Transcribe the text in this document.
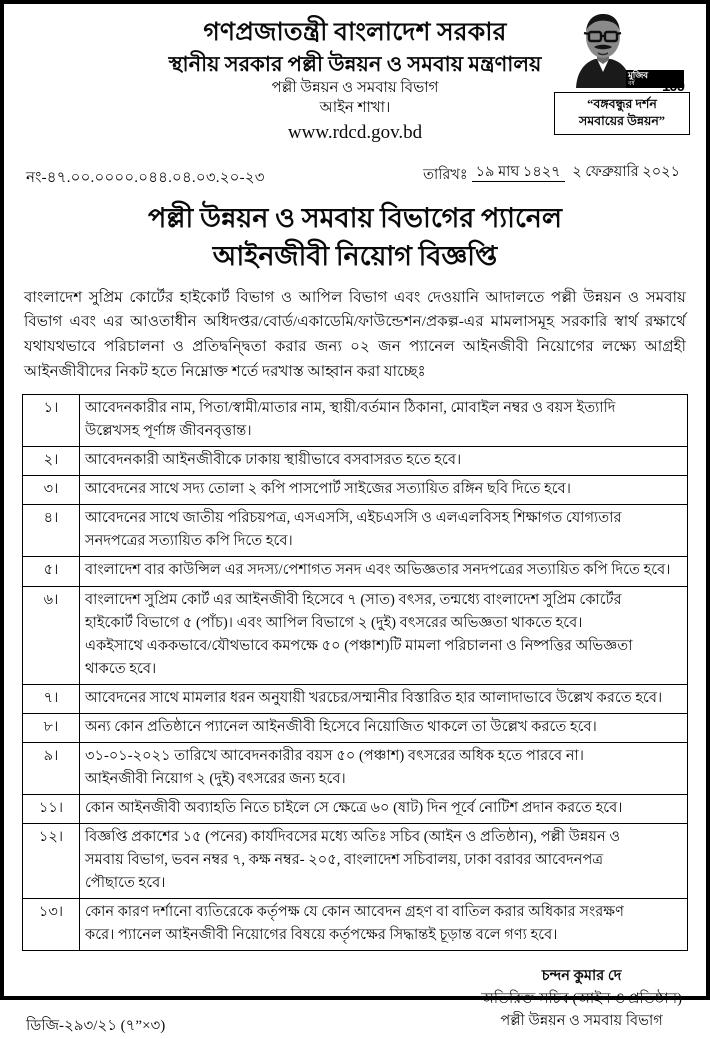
মুজিব
বর্ষ
MUJIB
100
“বঙ্গবন্ধুর দর্শন
সমবায়ের উন্নয়ন”
গণপ্রজাতন্ত্রী বাংলাদেশ সরকার
স্থানীয় সরকার পল্লী উন্নয়ন ও সমবায় মন্ত্রণালয়
পল্লী উন্নয়ন ও সমবায় বিভাগ
আইন শাখা।
www.rdcd.gov.bd
নং-৪৭.০০.০০০০.০৪৪.০৪.০৩.২০-২৩	তারিখঃ ১৯ মাঘ ১৪২৭ ২ ফেব্রুয়ারি ২০২১
পল্লী উন্নয়ন ও সমবায় বিভাগের প্যানেল
আইনজীবী নিয়োগ বিজ্ঞপ্তি
বাংলাদেশ সুপ্রিম কোর্টের হাইকোর্ট বিভাগ ও আপিল বিভাগ এবং দেওয়ানি আদালতে পল্লী উন্নয়ন ও সমবায় বিভাগ এবং এর আওতাধীন অধিদপ্তর/বোর্ড/একাডেমি/ফাউন্ডেশন/প্রকল্প-এর মামলাসমূহ সরকারি স্বার্থ রক্ষার্থে যথাযথভাবে পরিচালনা ও প্রতিদ্বন্দ্বিতা করার জন্য ০২ জন প্যানেল আইনজীবী নিয়োগের লক্ষ্যে আগ্রহী আইনজীবীদের নিকট হতে নিম্নোক্ত শর্তে দরখাস্ত আহ্বান করা যাচ্ছেঃ
১।	আবেদনকারীর নাম, পিতা/স্বামী/মাতার নাম, স্থায়ী/বর্তমান ঠিকানা, মোবাইল নম্বর ও বয়স ইত্যাদি
উল্লেখসহ পূর্ণাঙ্গ জীবনবৃত্তান্ত।

২।	আবেদনকারী আইনজীবীকে ঢাকায় স্থায়ীভাবে বসবাসরত হতে হবে।

৩।	আবেদনের সাথে সদ্য তোলা ২ কপি পাসপোর্ট সাইজের সত্যায়িত রঙ্গিন ছবি দিতে হবে।

৪।	আবেদনের সাথে জাতীয় পরিচয়পত্র, এসএসসি, এইচএসসি ও এলএলবিসহ শিক্ষাগত যোগ্যতার
সনদপত্রের সত্যায়িত কপি দিতে হবে।

৫।	বাংলাদেশ বার কাউন্সিল এর সদস্য/পেশাগত সনদ এবং অভিজ্ঞতার সনদপত্রের সত্যায়িত কপি দিতে হবে।

৬।	বাংলাদেশ সুপ্রিম কোর্ট এর আইনজীবী হিসেবে ৭ (সাত) বৎসর, তন্মধ্যে বাংলাদেশ সুপ্রিম কোর্টের
হাইকোর্ট বিভাগে ৫ (পাঁচ)। এবং আপিল বিভাগে ২ (দুই) বৎসরের অভিজ্ঞতা থাকতে হবে।
একইসাথে এককভাবে/যৌথভাবে কমপক্ষে ৫০ (পঞ্চাশ)টি মামলা পরিচালনা ও নিষ্পত্তির অভিজ্ঞতা
থাকতে হবে।

৭।	আবেদনের সাথে মামলার ধরন অনুযায়ী খরচের/সম্মানীর বিস্তারিত হার আলাদাভাবে উল্লেখ করতে হবে।

৮।	অন্য কোন প্রতিষ্ঠানে প্যানেল আইনজীবী হিসেবে নিয়োজিত থাকলে তা উল্লেখ করতে হবে।

৯।	৩১-০১-২০২১ তারিখে আবেদনকারীর বয়স ৫০ (পঞ্চাশ) বৎসরের অধিক হতে পারবে না।
আইনজীবী নিয়োগ ২ (দুই) বৎসরের জন্য হবে।

১১।	কোন আইনজীবী অব্যাহতি নিতে চাইলে সে ক্ষেত্রে ৬০ (ষাট) দিন পূর্বে নোটিশ প্রদান করতে হবে।

১২।	বিজ্ঞপ্তি প্রকাশের ১৫ (পনের) কার্যদিবসের মধ্যে অতিঃ সচিব (আইন ও প্রতিষ্ঠান), পল্লী উন্নয়ন ও
সমবায় বিভাগ, ভবন নম্বর ৭, কক্ষ নম্বর- ২০৫, বাংলাদেশ সচিবালয়, ঢাকা বরাবর আবেদনপত্র
পৌছাতে হবে।

১৩।	কোন কারণ দর্শানো ব্যতিরেকে কর্তৃপক্ষ যে কোন আবেদন গ্রহণ বা বাতিল করার অধিকার সংরক্ষণ
করে। প্যানেল আইনজীবী নিয়োগের বিষয়ে কর্তৃপক্ষের সিদ্ধান্তই চূড়ান্ত বলে গণ্য হবে।
চন্দন কুমার দে
অতিরিক্ত সচিব (আইন ও প্রতিষ্ঠান)
পল্লী উন্নয়ন ও সমবায় বিভাগ
ডিজি-২৯৩/২১ (৭”×৩)
